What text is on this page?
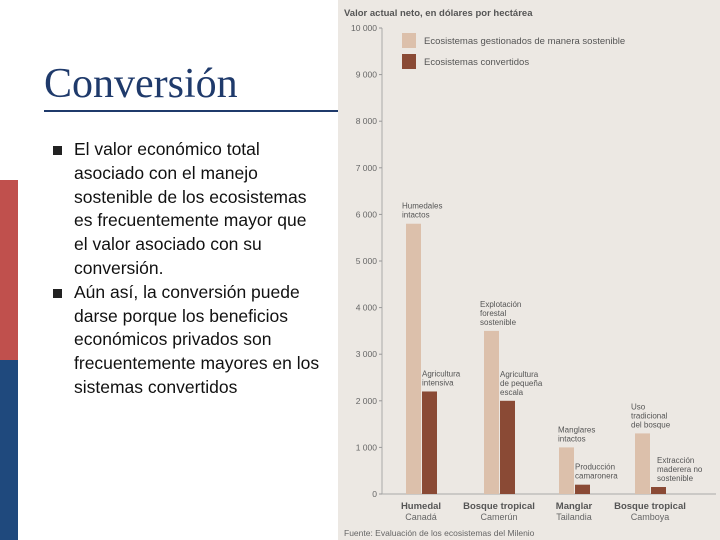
Conversión
El valor económico total asociado con el manejo sostenible de los ecosistemas es frecuentemente mayor que el valor asociado con su conversión.
Aún así, la conversión puede darse porque los beneficios económicos privados son frecuentemente mayores en los sistemas convertidos
Valor actual neto, en dólares por hectárea
0
1 000
2 000
3 000
4 000
5 000
6 000
7 000
8 000
9 000
10 000
Ecosistemas gestionados de manera sostenible
Ecosistemas convertidos
Humedales
intactos
Agricultura
intensiva
Humedal
Canadá
Explotación
forestal
sostenible
Agricultura
de pequeña
escala
Bosque tropical
Camerún
Manglares
intactos
Producción
camaronera
Manglar
Tailandia
Uso
tradicional
del bosque
Extracción
maderera no
sostenible
Bosque tropical
Camboya
Fuente: Evaluación de los ecosistemas del Milenio
